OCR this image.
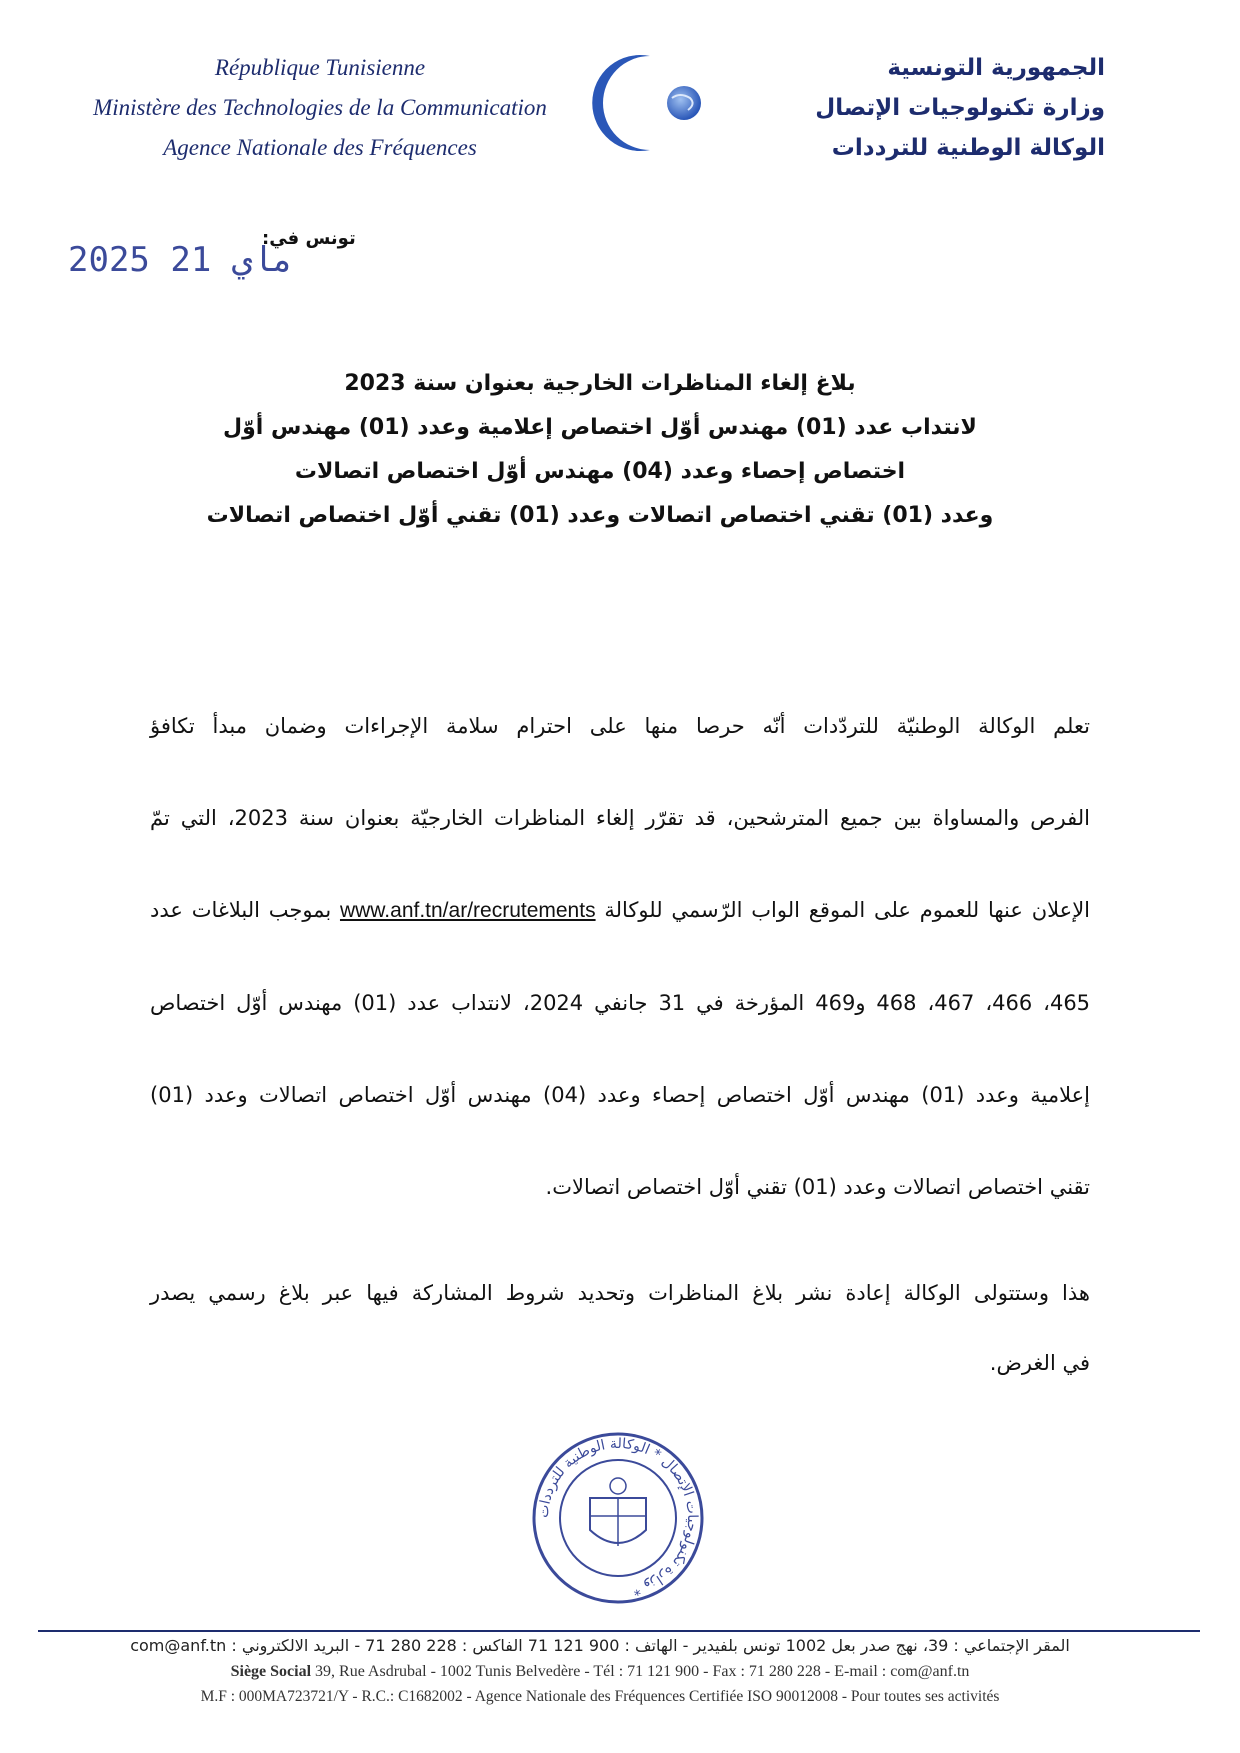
République Tunisienne
Ministère des Technologies de la Communication
Agence Nationale des Fréquences
الجمهورية التونسية
وزارة تكنولوجيات الإتصال
الوكالة الوطنية للترددات
تونس في:
2025 ماي 21
بلاغ إلغاء المناظرات الخارجية بعنوان سنة 2023
لانتداب عدد (01) مهندس أوّل اختصاص إعلامية وعدد (01) مهندس أوّل
اختصاص إحصاء وعدد (04) مهندس أوّل اختصاص اتصالات
وعدد (01) تقني اختصاص اتصالات وعدد (01) تقني أوّل اختصاص اتصالات

تعلم الوكالة الوطنيّة للتردّدات أنّه حرصا منها على احترام سلامة الإجراءات وضمان مبدأ تكافؤ

الفرص والمساواة بين جميع المترشحين، قد تقرّر إلغاء المناظرات الخارجيّة بعنوان سنة 2023، التي تمّ

الإعلان عنها للعموم على الموقع الواب الرّسمي للوكالة www.anf.tn/ar/recrutements بموجب البلاغات عدد

465، 466، 467، 468 و469 المؤرخة في 31 جانفي 2024، لانتداب عدد (01) مهندس أوّل اختصاص

إعلامية وعدد (01) مهندس أوّل اختصاص إحصاء وعدد (04) مهندس أوّل اختصاص اتصالات وعدد (01)

تقني اختصاص اتصالات وعدد (01) تقني أوّل اختصاص اتصالات.

هذا وستتولى الوكالة إعادة نشر بلاغ المناظرات وتحديد شروط المشاركة فيها عبر بلاغ رسمي يصدر

في الغرض.

وزارة تكنولوجيات الإتصال * الوكالة الوطنية للترددات *
المقر الإجتماعي : 39، نهج صدر بعل 1002 تونس بلفيدير - الهاتف : 900 121 71 الفاكس : 228 280 71 - البريد الالكتروني : com@anf.tn
Siège Social 39, Rue Asdrubal - 1002 Tunis Belvedère - Tél : 71 121 900 - Fax : 71 280 228 - E-mail : com@anf.tn
M.F : 000MA723721/Y - R.C.: C1682002 - Agence Nationale des Fréquences Certifiée ISO 90012008 - Pour toutes ses activités
